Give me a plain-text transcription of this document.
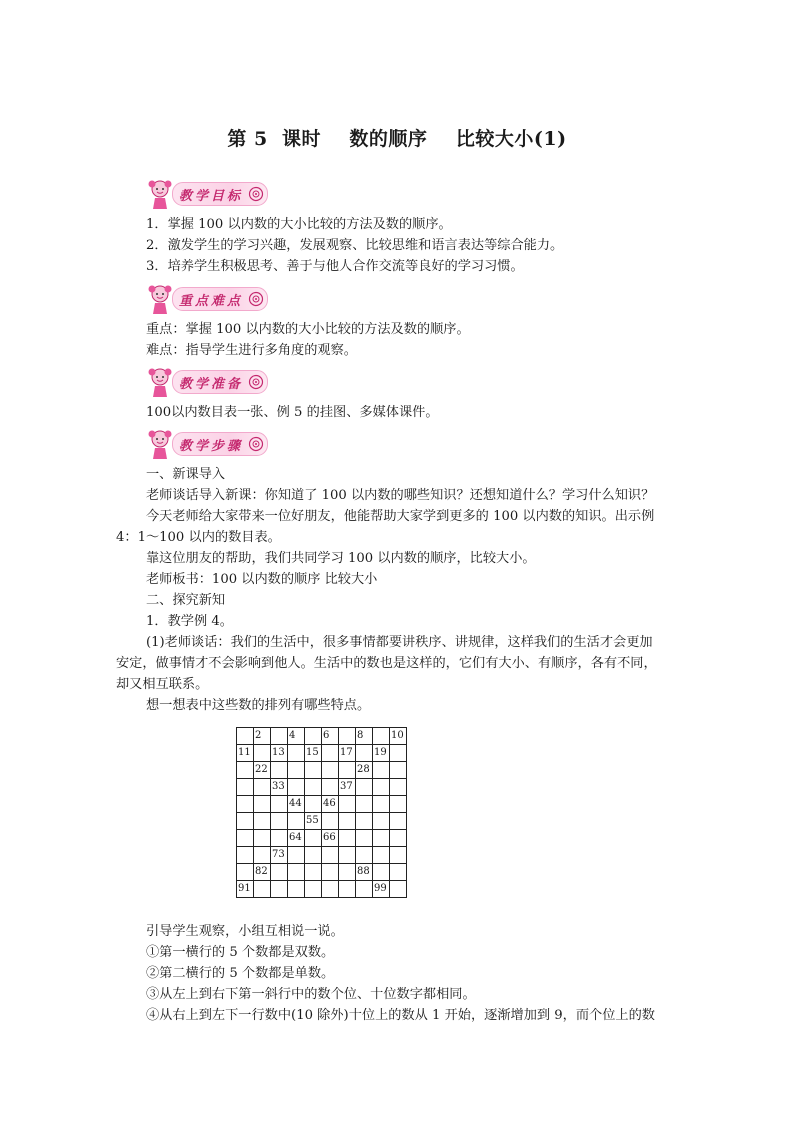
第 5  课时    数的顺序    比较大小(1)
教学目标
1．掌握 100 以内数的大小比较的方法及数的顺序。
2．激发学生的学习兴趣，发展观察、比较思维和语言表达等综合能力。
3．培养学生积极思考、善于与他人合作交流等良好的学习习惯。
重点难点
重点：掌握 100 以内数的大小比较的方法及数的顺序。
难点：指导学生进行多角度的观察。
教学准备
100以内数目表一张、例 5 的挂图、多媒体课件。
教学步骤
一、新课导入
老师谈话导入新课：你知道了 100 以内数的哪些知识？还想知道什么？学习什么知识？
今天老师给大家带来一位好朋友，他能帮助大家学到更多的 100 以内数的知识。出示例
4：1～100 以内的数目表。
靠这位朋友的帮助，我们共同学习 100 以内数的顺序，比较大小。
老师板书：100 以内数的顺序 比较大小
二、探究新知
1．教学例 4。
(1)老师谈话：我们的生活中，很多事情都要讲秩序、讲规律，这样我们的生活才会更加
安定，做事情才不会影响到他人。生活中的数也是这样的，它们有大小、有顺序，各有不同，
却又相互联系。
想一想表中这些数的排列有哪些特点。
	2		4		6		8		10
11		13		15		17		19	
	22						28		
		33				37			
			44		46				
				55					
			64		66				
		73							
	82						88		
91								99	
引导学生观察，小组互相说一说。
①第一横行的 5 个数都是双数。
②第二横行的 5 个数都是单数。
③从左上到右下第一斜行中的数个位、十位数字都相同。
④从右上到左下一行数中(10 除外)十位上的数从 1 开始，逐渐增加到 9，而个位上的数
